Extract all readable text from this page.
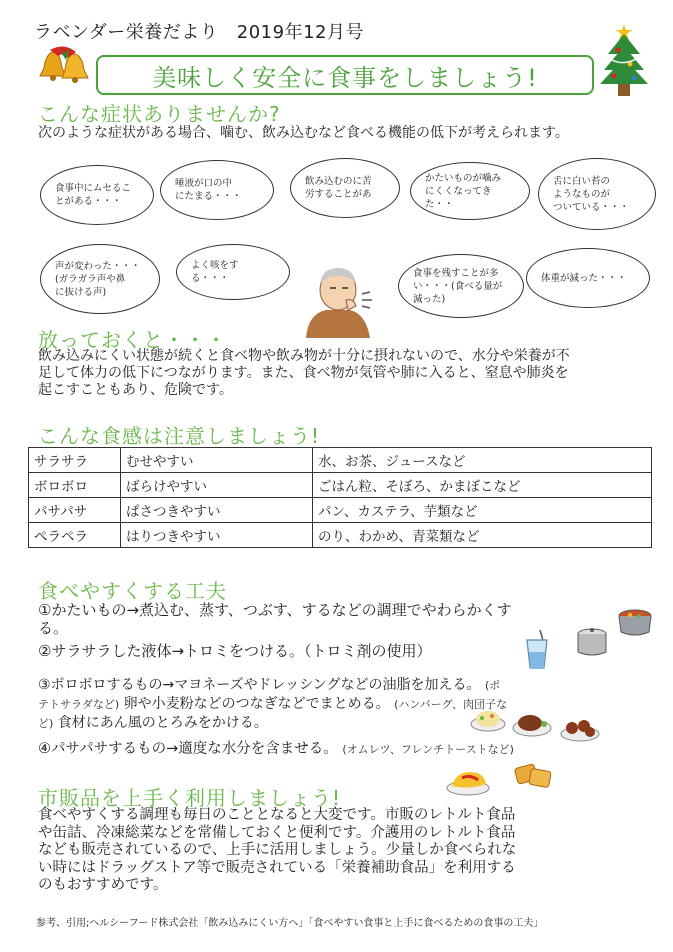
ラベンダー栄養だより　2019年12月号
美味しく安全に食事をしましょう!
こんな症状ありませんか?
次のような症状がある場合、噛む、飲み込むなど食べる機能の低下が考えられます。
食事中にムセるこ
とがある・・・
唾液が口の中
にたまる・・・
飲み込むのに苦
労することがあ
かたいものが噛み
にくくなってきた・・
舌に白い苔の
ようなものが
ついている・・・
声が変わった・・・
(ガラガラ声や鼻
に抜ける声)
よく咳をする・・・	食事を残すことが多
い・・・(食べる量が
減った)
体重が減った・・・
放っておくと・・・
飲み込みにくい状態が続くと食べ物や飲み物が十分に摂れないので、水分や栄養が不
足して体力の低下につながります。また、食べ物が気管や肺に入ると、窒息や肺炎を
起こすこともあり、危険です。
こんな食感は注意しましょう!
サラサラ	むせやすい	水、お茶、ジュースなど
ボロボロ	ばらけやすい	ごはん粒、そぼろ、かまぼこなど
パサパサ	ぱさつきやすい	パン、カステラ、芋類など
ぺラペラ	はりつきやすい	のり、わかめ、青菜類など
食べやすくする工夫
①かたいもの→煮込む、蒸す、つぶす、するなどの調理でやわらかくす
る。
②サラサラした液体→トロミをつける。（トロミ剤の使用）
③ボロボロするもの→マヨネーズやドレッシングなどの油脂を加える。 (ポ
テトサラダなど) 卵や小麦粉などのつなぎなどでまとめる。 (ハンバーグ、肉団子な
ど) 食材にあん風のとろみをかける。
④パサパサするもの→適度な水分を含ませる。 (オムレツ、フレンチトーストなど)
市販品を上手く利用しましょう!
食べやすくする調理も毎日のこととなると大変です。市販のレトルト食品
や缶詰、冷凍総菜などを常備しておくと便利です。介護用のレトルト食品
なども販売されているので、上手に活用しましょう。少量しか食べられな
い時にはドラッグストア等で販売されている「栄養補助食品」を利用する
のもおすすめです。
参考、引用;ヘルシーフード株式会社「飲み込みにくい方へ」「食べやすい食事と上手に食べるための食事の工夫」
